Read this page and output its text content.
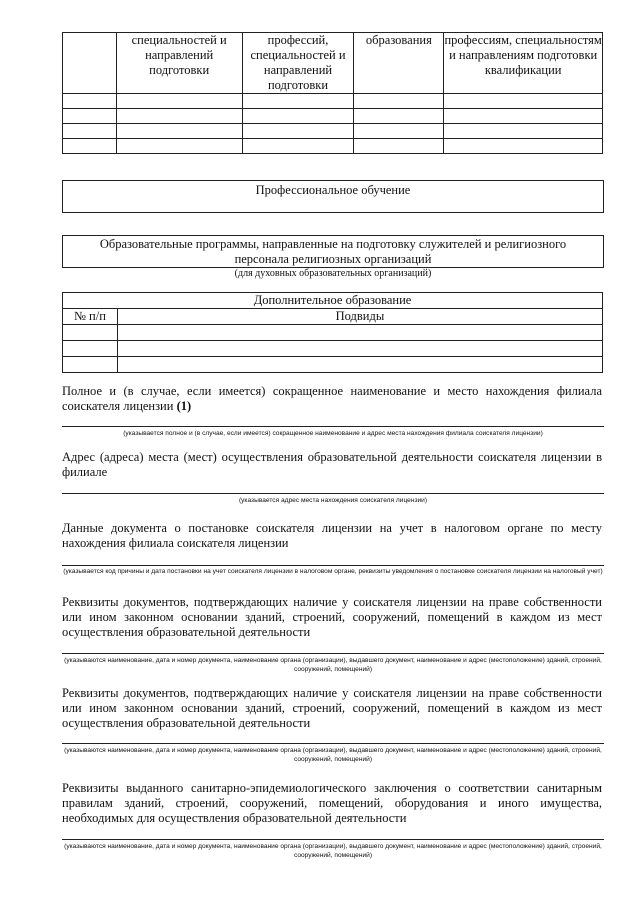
	специальностей и направлений подготовки	профессий, специальностей и направлений подготовки	образования	профессиям, специальностям и направлениям подготовки квалификации

Профессиональное обучение
Образовательные программы, направленные на подготовку служителей и религиозного персонала религиозных организаций
(для духовных образовательных организаций)
Дополнительное образование	
№ п/п	Подвиды

Полное и (в случае, если имеется) сокращенное наименование и место нахождения филиала соискателя лицензии (1)
(указывается полное и (в случае, если имеется) сокращенное наименование и адрес места нахождения филиала соискателя лицензии)
Адрес (адреса) места (мест) осуществления образовательной деятельности соискателя лицензии в филиале
(указывается адрес места нахождения соискателя лицензии)
Данные документа о постановке соискателя лицензии на учет в налоговом органе по месту нахождения филиала соискателя лицензии
(указывается код причины и дата постановки на учет соискателя лицензии в налоговом органе, реквизиты уведомления о постановке соискателя лицензии на налоговый учет)
Реквизиты документов, подтверждающих наличие у соискателя лицензии на праве собственности или ином законном основании зданий, строений, сооружений, помещений в каждом из мест осуществления образовательной деятельности
(указываются наименование, дата и номер документа, наименование органа (организации), выдавшего документ, наименование и адрес (местоположение) зданий, строений, сооружений, помещений)
Реквизиты документов, подтверждающих наличие у соискателя лицензии на праве собственности или ином законном основании зданий, строений, сооружений, помещений в каждом из мест осуществления образовательной деятельности
(указываются наименование, дата и номер документа, наименование органа (организации), выдавшего документ, наименование и адрес (местоположение) зданий, строений, сооружений, помещений)
Реквизиты выданного санитарно-эпидемиологического заключения о соответствии санитарным правилам зданий, строений, сооружений, помещений, оборудования и иного имущества, необходимых для осуществления образовательной деятельности
(указываются наименование, дата и номер документа, наименование органа (организации), выдавшего документ, наименование и адрес (местоположение) зданий, строений, сооружений, помещений)
